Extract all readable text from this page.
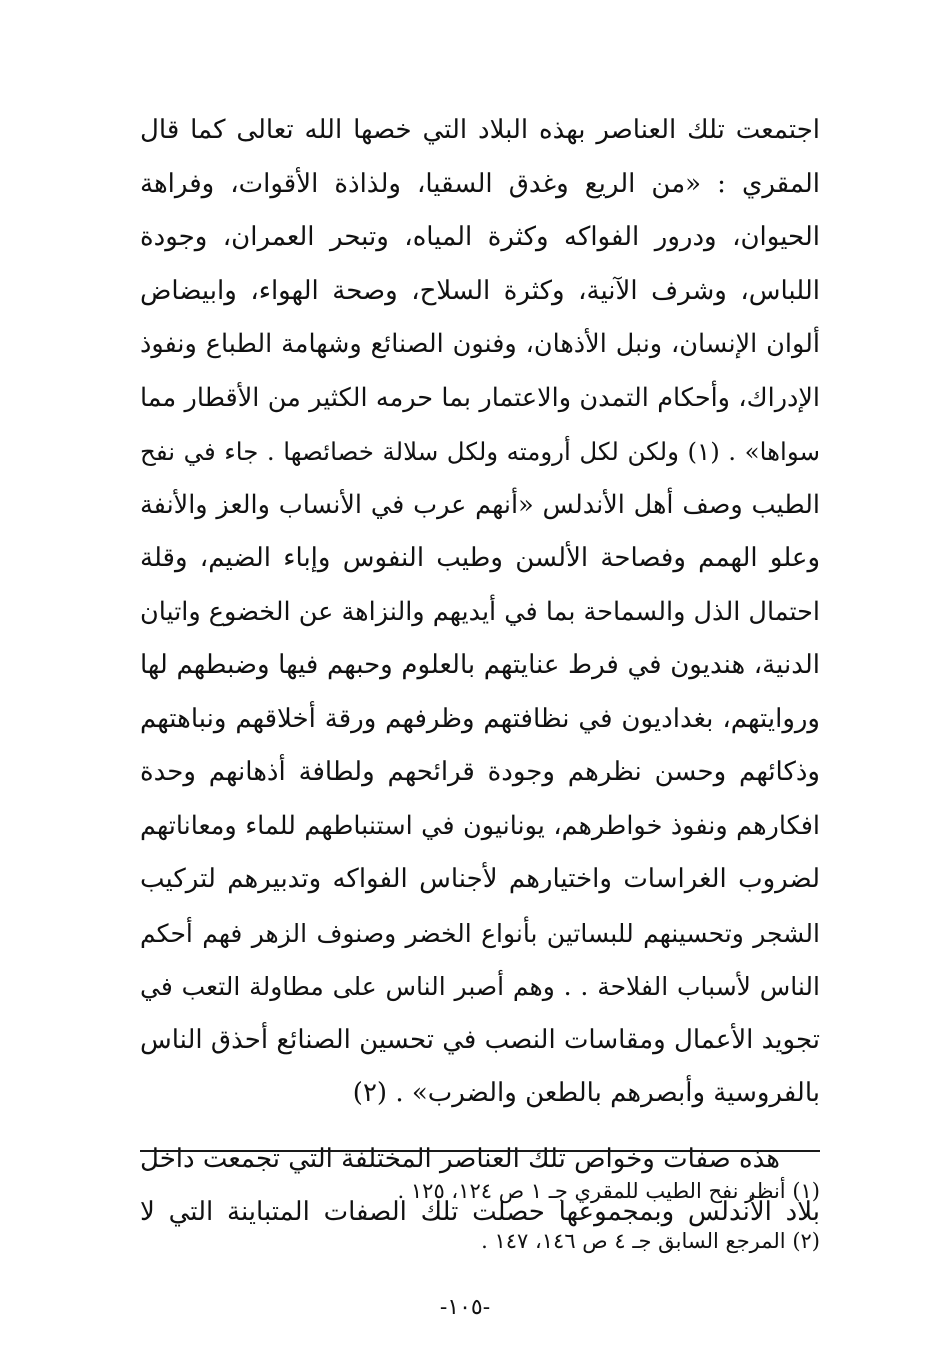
اجتمعت تلك العناصر بهذه البلاد التي خصها الله تعالى كما قال
المقري : «من الريع وغدق السقيا، ولذاذة الأقوات، وفراهة
الحيوان، ودرور الفواكه وكثرة المياه، وتبحر العمران، وجودة
اللباس، وشرف الآنية، وكثرة السلاح، وصحة الهواء، وابيضاض
ألوان الإنسان، ونبل الأذهان، وفنون الصنائع وشهامة الطباع ونفوذ
الإدراك، وأحكام التمدن والاعتمار بما حرمه الكثير من الأقطار مما
سواها» . (١) ولكن لكل أرومته ولكل سلالة خصائصها . جاء في نفح
الطيب وصف أهل الأندلس «أنهم عرب في الأنساب والعز والأنفة
وعلو الهمم وفصاحة الألسن وطيب النفوس وإباء الضيم، وقلة
احتمال الذل والسماحة بما في أيديهم والنزاهة عن الخضوع واتيان
الدنية، هنديون في فرط عنايتهم بالعلوم وحبهم فيها وضبطهم لها
وروايتهم، بغداديون في نظافتهم وظرفهم ورقة أخلاقهم ونباهتهم
وذكائهم وحسن نظرهم وجودة قرائحهم ولطافة أذهانهم وحدة
افكارهم ونفوذ خواطرهم، يونانيون في استنباطهم للماء ومعاناتهم
لضروب الغراسات واختيارهم لأجناس الفواكه وتدبيرهم لتركيب
الشجر وتحسينهم للبساتين بأنواع الخضر وصنوف الزهر فهم أحكم
الناس لأسباب الفلاحة . . وهم أصبر الناس على مطاولة التعب في
تجويد الأعمال ومقاسات النصب في تحسين الصنائع أحذق الناس
بالفروسية وأبصرهم بالطعن والضرب» . (٢)
هذه صفات وخواص تلك العناصر المختلفة التي تجمعت داخل
بلاد الأندلس وبمجموعها حصلت تلك الصفات المتباينة التي لا
(١) أنظر نفح الطيب للمقري جـ ١ ص ١٢٤، ١٢٥ .
(٢) المرجع السابق جـ ٤ ص ١٤٦، ١٤٧ .
-١٠٥-
